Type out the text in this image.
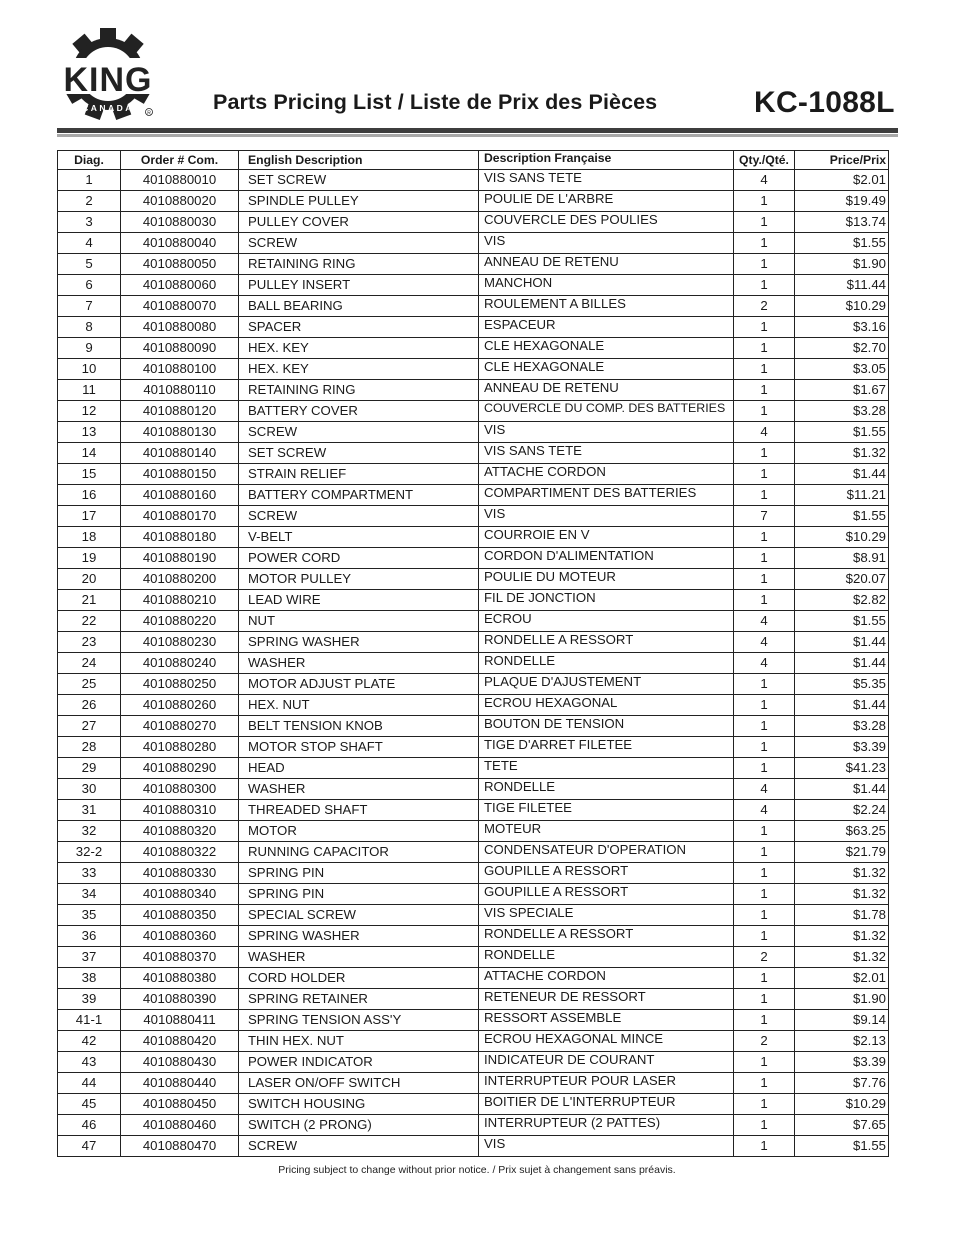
KING
CANADA
R	Parts Pricing List / Liste de Prix des Pièces	KC-1088L
Diag.	Order # Com.	English Description	Description Française	Qty./Qté.	Price/Prix
1	4010880010	SET SCREW	VIS SANS TETE	4	$2.01
2	4010880020	SPINDLE PULLEY	POULIE DE L'ARBRE	1	$19.49
3	4010880030	PULLEY COVER	COUVERCLE DES POULIES	1	$13.74
4	4010880040	SCREW	VIS	1	$1.55
5	4010880050	RETAINING RING	ANNEAU DE RETENU	1	$1.90
6	4010880060	PULLEY INSERT	MANCHON	1	$11.44
7	4010880070	BALL BEARING	ROULEMENT A BILLES	2	$10.29
8	4010880080	SPACER	ESPACEUR	1	$3.16
9	4010880090	HEX. KEY	CLE HEXAGONALE	1	$2.70
10	4010880100	HEX. KEY	CLE HEXAGONALE	1	$3.05
11	4010880110	RETAINING RING	ANNEAU DE RETENU	1	$1.67
12	4010880120	BATTERY COVER	COUVERCLE DU COMP. DES BATTERIES	1	$3.28
13	4010880130	SCREW	VIS	4	$1.55
14	4010880140	SET SCREW	VIS SANS TETE	1	$1.32
15	4010880150	STRAIN RELIEF	ATTACHE CORDON	1	$1.44
16	4010880160	BATTERY COMPARTMENT	COMPARTIMENT DES BATTERIES	1	$11.21
17	4010880170	SCREW	VIS	7	$1.55
18	4010880180	V-BELT	COURROIE EN V	1	$10.29
19	4010880190	POWER CORD	CORDON D'ALIMENTATION	1	$8.91
20	4010880200	MOTOR PULLEY	POULIE DU MOTEUR	1	$20.07
21	4010880210	LEAD WIRE	FIL DE JONCTION	1	$2.82
22	4010880220	NUT	ECROU	4	$1.55
23	4010880230	SPRING WASHER	RONDELLE A RESSORT	4	$1.44
24	4010880240	WASHER	RONDELLE	4	$1.44
25	4010880250	MOTOR ADJUST PLATE	PLAQUE D'AJUSTEMENT	1	$5.35
26	4010880260	HEX. NUT	ECROU HEXAGONAL	1	$1.44
27	4010880270	BELT TENSION KNOB	BOUTON DE TENSION	1	$3.28
28	4010880280	MOTOR STOP SHAFT	TIGE D'ARRET FILETEE	1	$3.39
29	4010880290	HEAD	TETE	1	$41.23
30	4010880300	WASHER	RONDELLE	4	$1.44
31	4010880310	THREADED SHAFT	TIGE FILETEE	4	$2.24
32	4010880320	MOTOR	MOTEUR	1	$63.25
32-2	4010880322	RUNNING CAPACITOR	CONDENSATEUR D'OPERATION	1	$21.79
33	4010880330	SPRING PIN	GOUPILLE A RESSORT	1	$1.32
34	4010880340	SPRING PIN	GOUPILLE A RESSORT	1	$1.32
35	4010880350	SPECIAL SCREW	VIS SPECIALE	1	$1.78
36	4010880360	SPRING WASHER	RONDELLE A RESSORT	1	$1.32
37	4010880370	WASHER	RONDELLE	2	$1.32
38	4010880380	CORD HOLDER	ATTACHE CORDON	1	$2.01
39	4010880390	SPRING RETAINER	RETENEUR DE RESSORT	1	$1.90
41-1	4010880411	SPRING TENSION ASS'Y	RESSORT ASSEMBLE	1	$9.14
42	4010880420	THIN HEX. NUT	ECROU HEXAGONAL MINCE	2	$2.13
43	4010880430	POWER INDICATOR	INDICATEUR DE COURANT	1	$3.39
44	4010880440	LASER ON/OFF SWITCH	INTERRUPTEUR POUR LASER	1	$7.76
45	4010880450	SWITCH HOUSING	BOITIER DE L'INTERRUPTEUR	1	$10.29
46	4010880460	SWITCH (2 PRONG)	INTERRUPTEUR (2 PATTES)	1	$7.65
47	4010880470	SCREW	VIS	1	$1.55
Pricing subject to change without prior notice. / Prix sujet à changement sans préavis.
